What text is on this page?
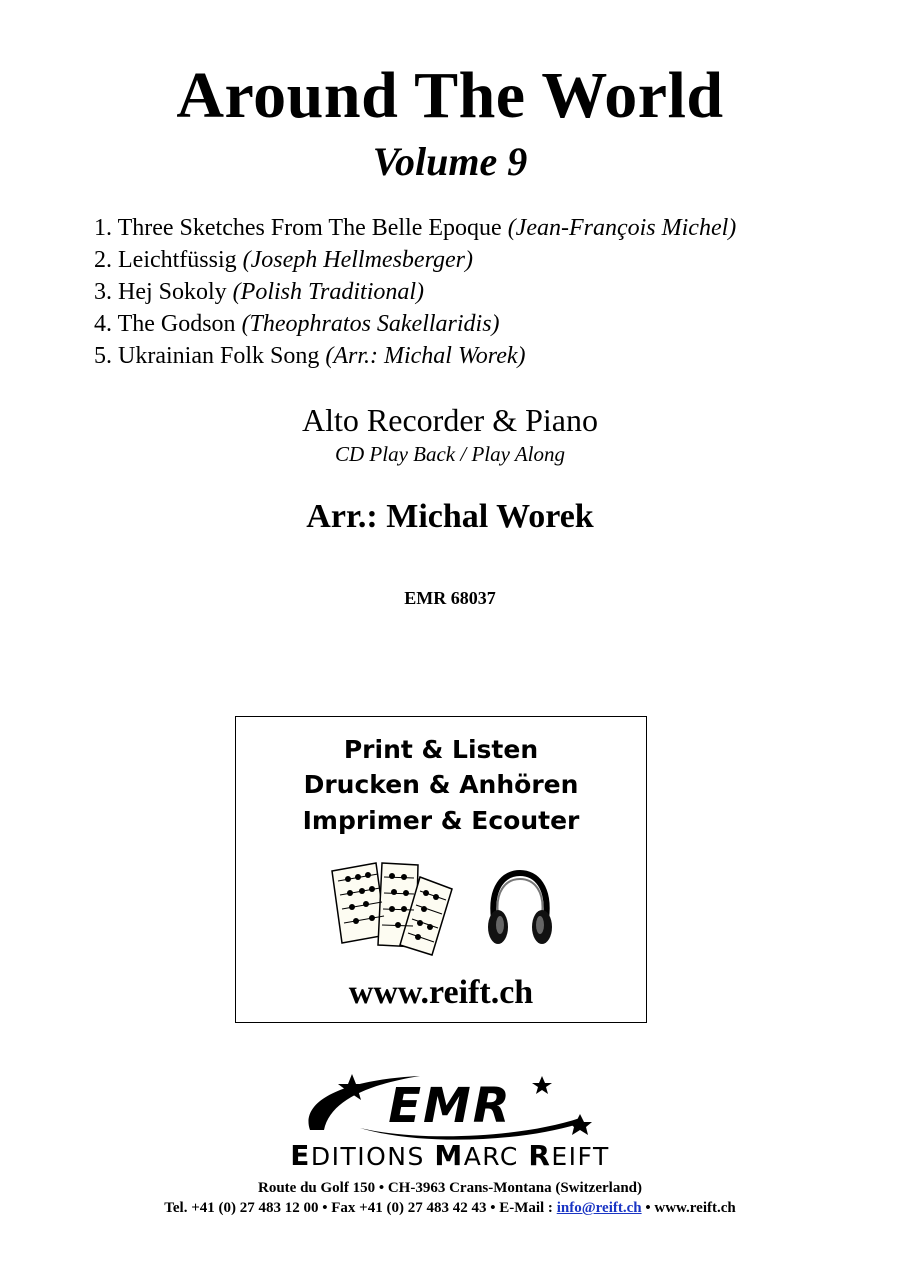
Around The World
Volume 9
1. Three Sketches From The Belle Epoque (Jean-François Michel)
2. Leichtfüssig (Joseph Hellmesberger)
3. Hej Sokoly (Polish Traditional)
4. The Godson (Theophratos Sakellaridis)
5. Ukrainian Folk Song (Arr.: Michal Worek)
Alto Recorder & Piano
CD Play Back / Play Along
Arr.: Michal Worek
EMR 68037
Print & Listen
Drucken & Anhören
Imprimer & Ecouter
www.reift.ch
EMR
EDITIONS MARC REIFT
Route du Golf 150 • CH-3963 Crans-Montana (Switzerland)
Tel. +41 (0) 27 483 12 00 • Fax +41 (0) 27 483 42 43 • E-Mail : info@reift.ch • www.reift.ch
